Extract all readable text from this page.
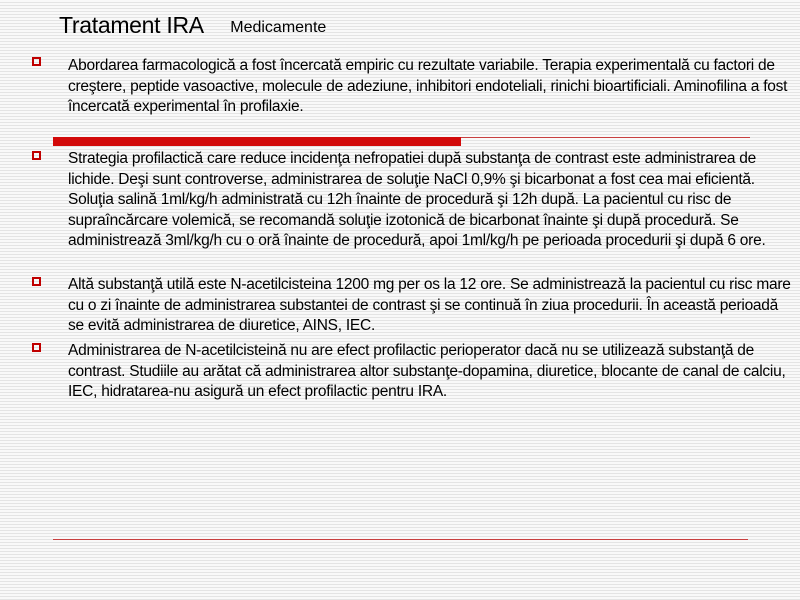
Tratament IRA Medicamente

Abordarea farmacologică a fost încercată empiric cu rezultate variabile. Terapia experimentală cu factori de creştere, peptide vasoactive, molecule de adeziune, inhibitori endoteliali, rinichi bioartificiali. Aminofilina a fost încercată experimental în profilaxie.

Strategia profilactică care reduce incidenţa nefropatiei după substanţa de contrast este administrarea de lichide. Deşi sunt controverse, administrarea de soluţie NaCl 0,9% şi bicarbonat a fost cea mai eficientă. Soluţia salină 1ml/kg/h administrată cu 12h înainte de procedură şi 12h după. La pacientul cu risc de supraîncărcare volemică, se recomandă soluţie izotonică de bicarbonat înainte şi după procedură. Se administrează 3ml/kg/h cu o oră înainte de procedură, apoi 1ml/kg/h pe perioada procedurii şi după 6 ore.

Altă substanţă utilă este N-acetilcisteina 1200 mg per os la 12 ore. Se administrează la pacientul cu risc mare cu o zi înainte de administrarea substantei de contrast şi se continuă în ziua procedurii. În această perioadă se evită administrarea de diuretice, AINS, IEC.

Administrarea de N-acetilcisteină nu are efect profilactic perioperator dacă nu se utilizează substanţă de contrast. Studiile au arătat că administrarea altor substanţe-dopamina, diuretice, blocante de canal de calciu, IEC, hidratarea-nu asigură un efect profilactic pentru IRA.
